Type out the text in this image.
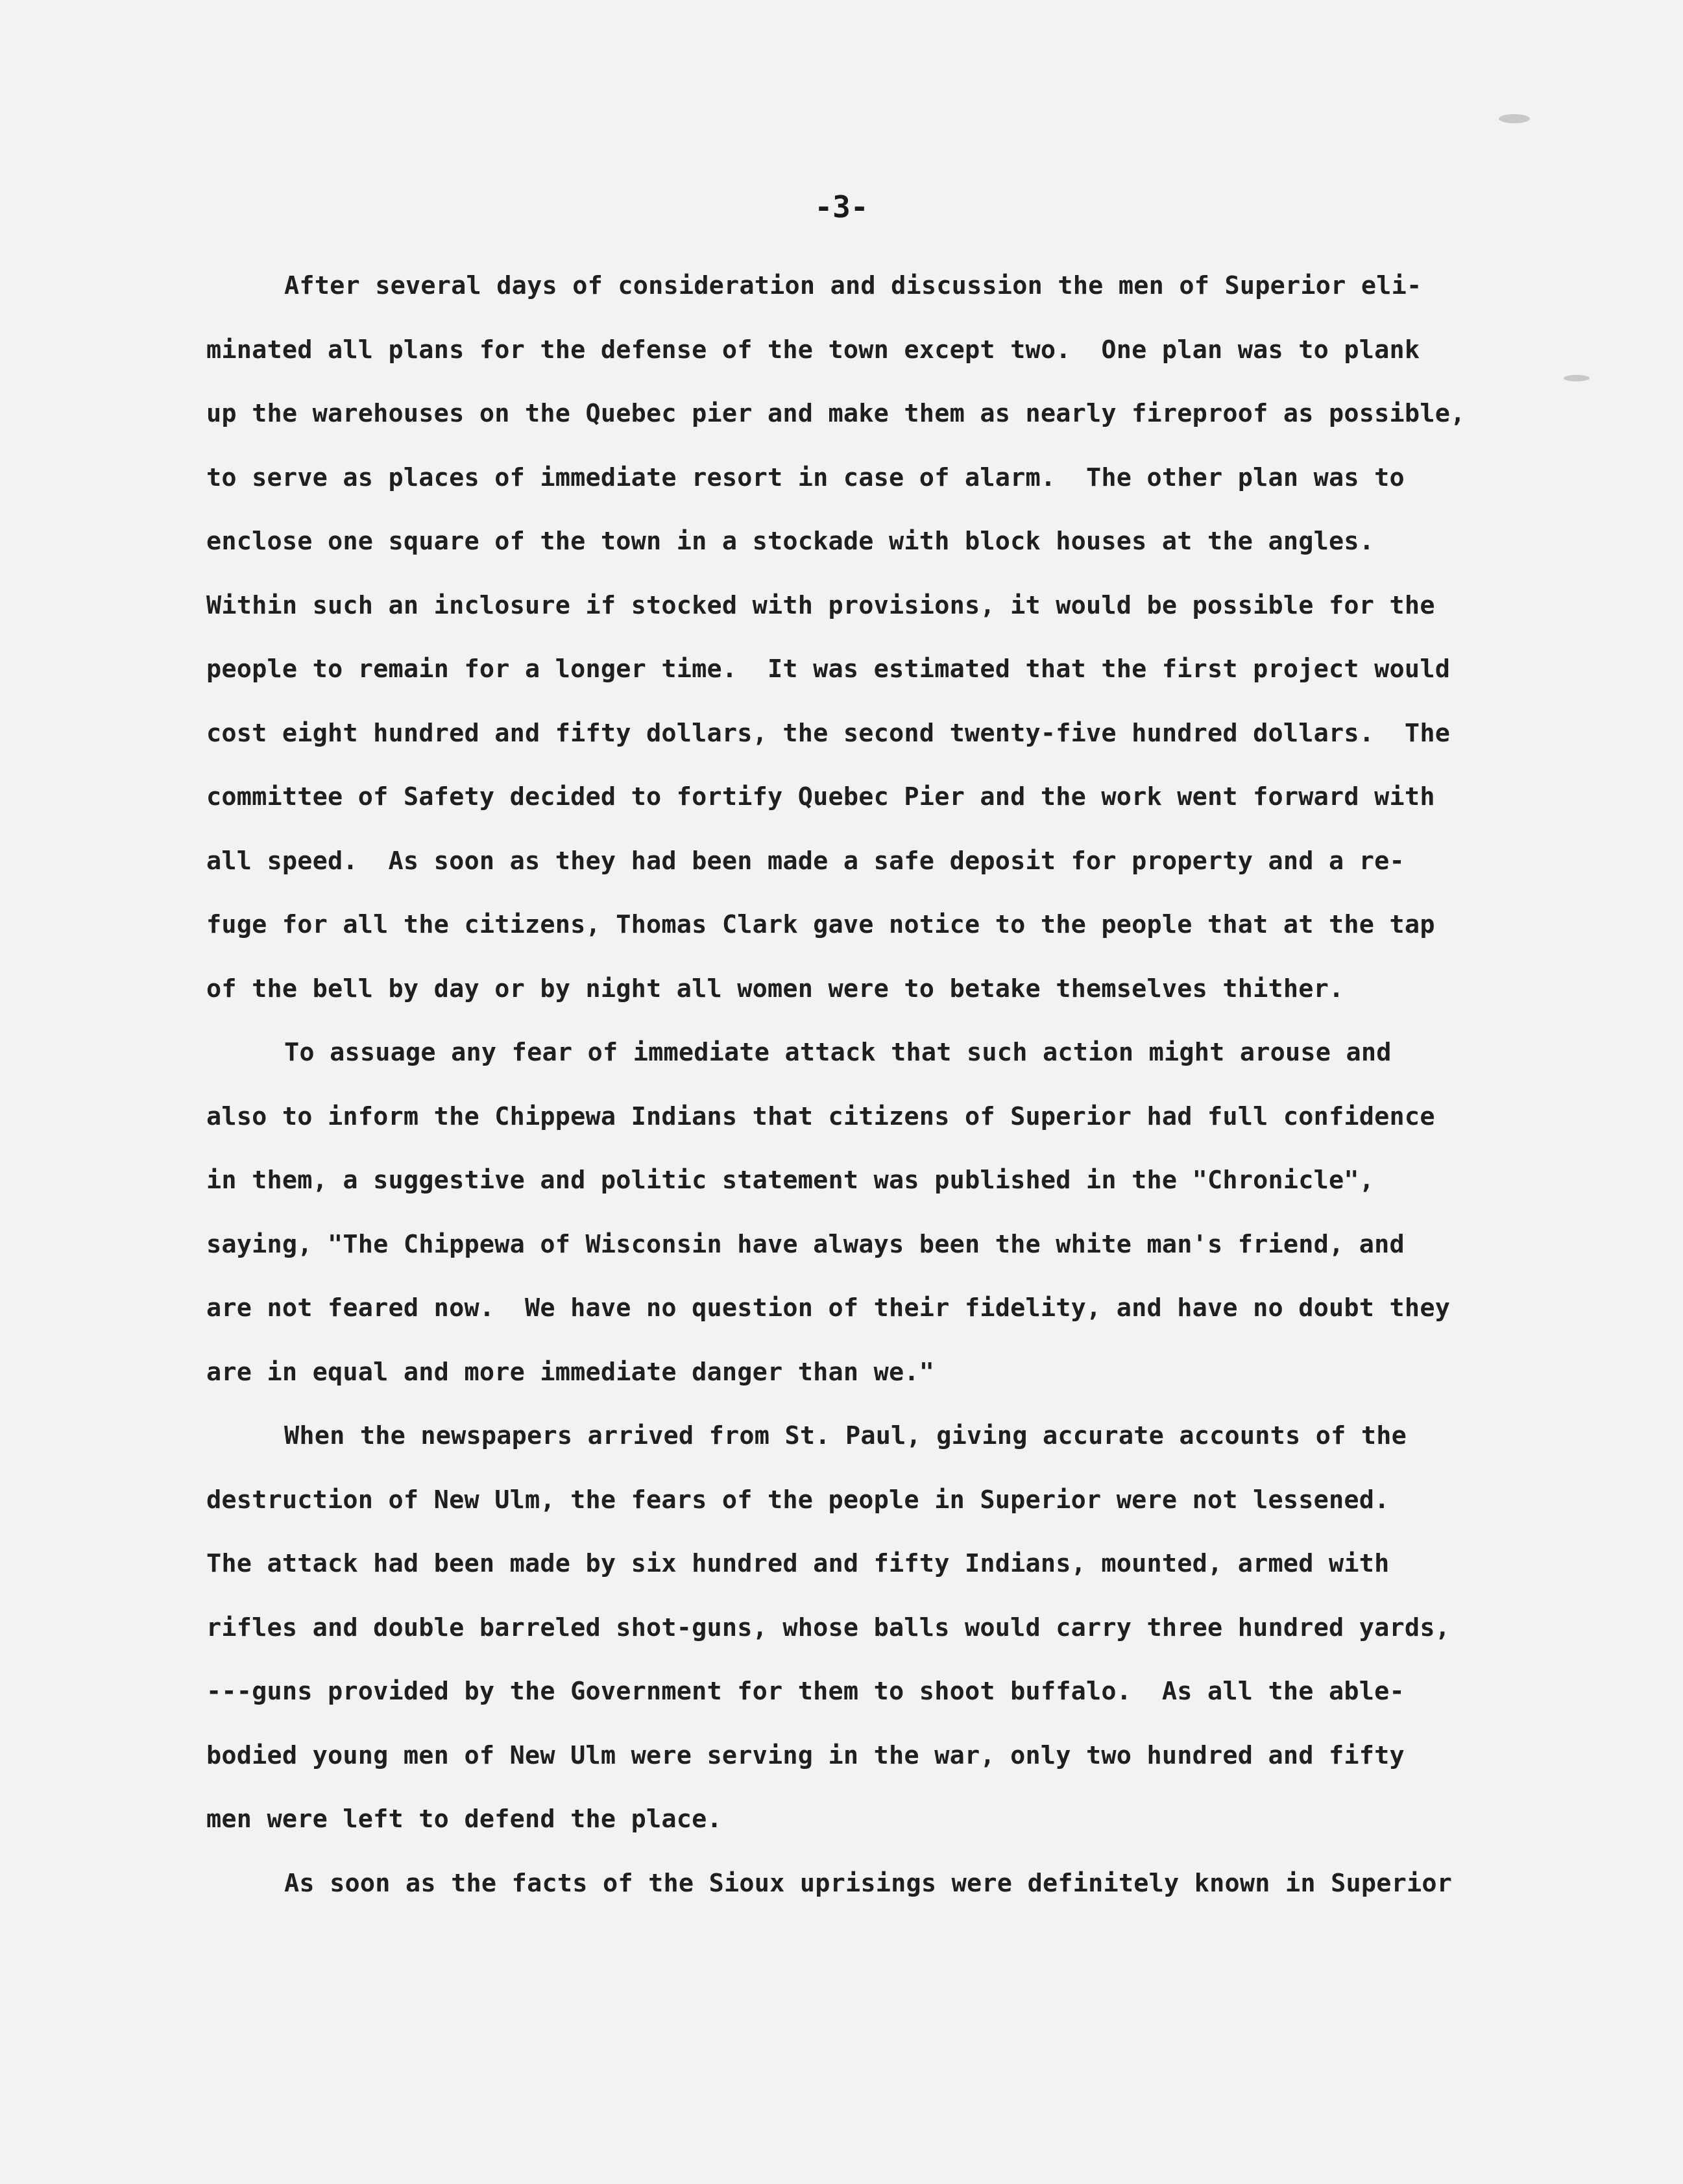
-3-
After several days of consideration and discussion the men of Superior eli-
minated all plans for the defense of the town except two.  One plan was to plank
up the warehouses on the Quebec pier and make them as nearly fireproof as possible,
to serve as places of immediate resort in case of alarm.  The other plan was to
enclose one square of the town in a stockade with block houses at the angles.
Within such an inclosure if stocked with provisions, it would be possible for the
people to remain for a longer time.  It was estimated that the first project would
cost eight hundred and fifty dollars, the second twenty-five hundred dollars.  The
committee of Safety decided to fortify Quebec Pier and the work went forward with
all speed.  As soon as they had been made a safe deposit for property and a re-
fuge for all the citizens, Thomas Clark gave notice to the people that at the tap
of the bell by day or by night all women were to betake themselves thither.
To assuage any fear of immediate attack that such action might arouse and
also to inform the Chippewa Indians that citizens of Superior had full confidence
in them, a suggestive and politic statement was published in the "Chronicle",
saying, "The Chippewa of Wisconsin have always been the white man's friend, and
are not feared now.  We have no question of their fidelity, and have no doubt they
are in equal and more immediate danger than we."
When the newspapers arrived from St. Paul, giving accurate accounts of the
destruction of New Ulm, the fears of the people in Superior were not lessened.
The attack had been made by six hundred and fifty Indians, mounted, armed with
rifles and double barreled shot-guns, whose balls would carry three hundred yards,
---guns provided by the Government for them to shoot buffalo.  As all the able-
bodied young men of New Ulm were serving in the war, only two hundred and fifty
men were left to defend the place.
As soon as the facts of the Sioux uprisings were definitely known in Superior
